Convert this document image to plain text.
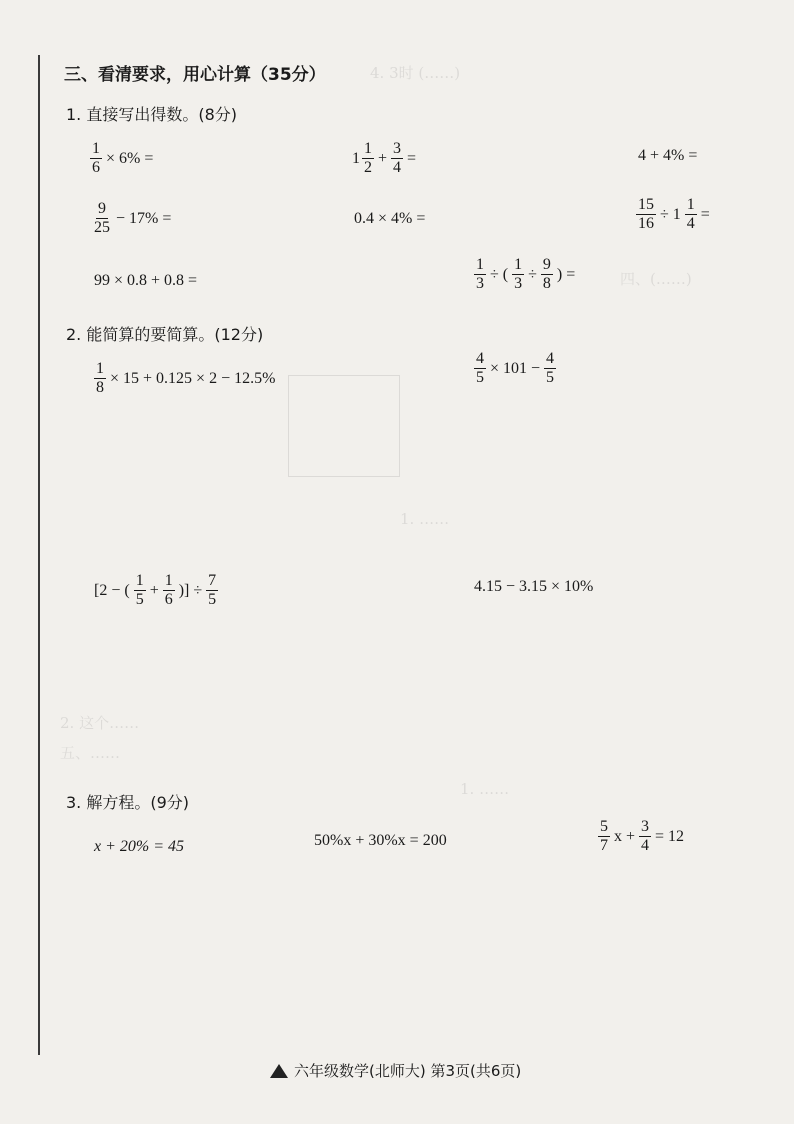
4. 3时 (……)
四、(……)
1. ……
2. 这个……
五、……
1. ……
三、看清要求，用心计算（35分）
1. 直接写出得数。(8分)
$\frac{1}{6} \times 6\%$ =	$1 \frac{1}{2} + \frac{3}{4}$ =	4 + 4% =
$\frac{9}{25} - 17\%$ =	0.4 × 4% =	$\frac{15}{16} \div 1 \frac{1}{4}$ =
99 × 0.8 + 0.8 =	$\frac{1}{3}$ ÷ ( $\frac{1}{3} \div \frac{9}{8}$ ) =
2. 能简算的要简算。(12分)
$\frac{1}{8} \times 15 + 0.125 \times 2 - 12.5\%$	$\frac{4}{5} \times 101 - \frac{4}{5}$
[2 − ( $\frac{1}{5} + \frac{1}{6}$ )] ÷ $\frac{7}{5}$	4.15 − 3.15 × 10%
3. 解方程。(9分)
x + 20% = 45	50%x + 30%x = 200	$\frac{5}{7}$ $x + \frac{3}{4} = 12$
六年级数学(北师大) 第3页(共6页)
